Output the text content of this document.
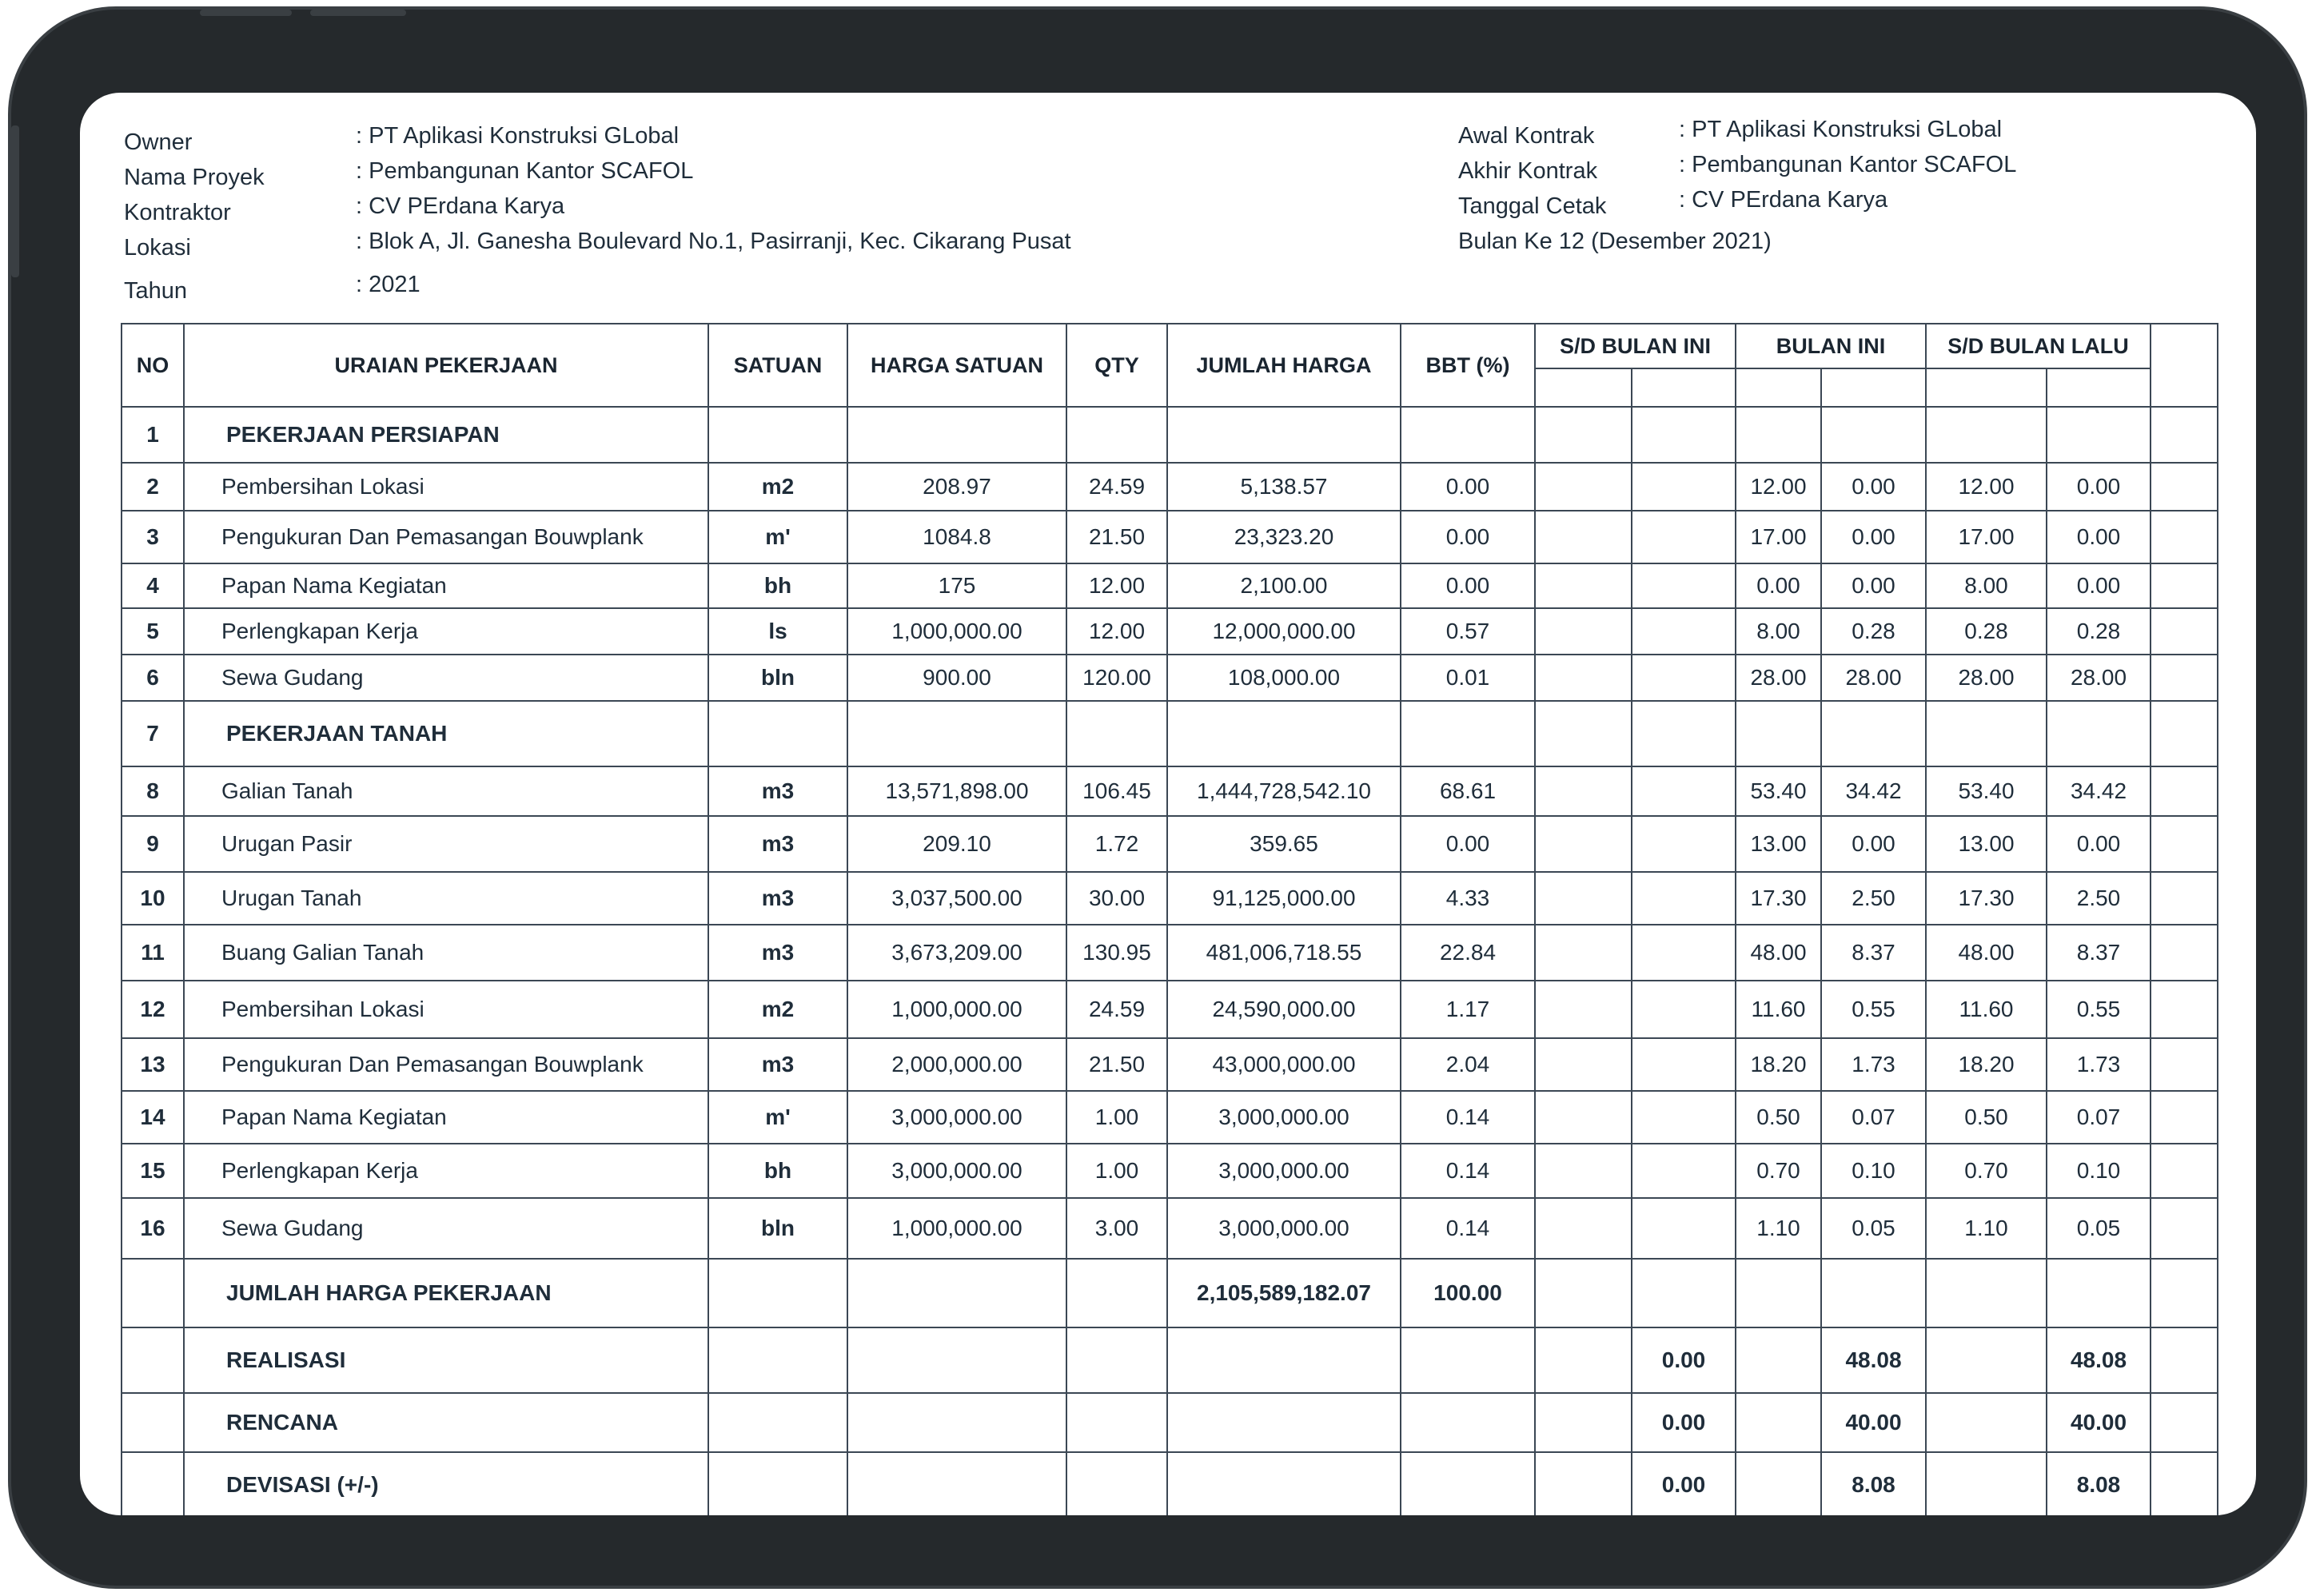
Owner	: PT Aplikasi Konstruksi GLobal
Nama Proyek	: Pembangunan Kantor SCAFOL
Kontraktor	: CV PErdana Karya
Lokasi	: Blok A, Jl. Ganesha Boulevard No.1, Pasirranji, Kec. Cikarang Pusat
Tahun	: 2021
Awal Kontrak	: PT Aplikasi Konstruksi GLobal
Akhir Kontrak	: Pembangunan Kantor SCAFOL
Tanggal Cetak	: CV PErdana Karya
Bulan Ke 12 (Desember 2021)
NO	URAIAN PEKERJAAN	SATUAN	HARGA SATUAN	QTY	JUMLAH HARGA	BBT (%)	S/D BULAN INI		BULAN INI		S/D BULAN LALU		

1	PEKERJAAN PERSIAPAN												
2	Pembersihan Lokasi	m2	208.97	24.59	5,138.57	0.00			12.00	0.00	12.00	0.00	
3	Pengukuran Dan Pemasangan Bouwplank	m'	1084.8	21.50	23,323.20	0.00			17.00	0.00	17.00	0.00	
4	Papan Nama Kegiatan	bh	175	12.00	2,100.00	0.00			0.00	0.00	8.00	0.00	
5	Perlengkapan Kerja	ls	1,000,000.00	12.00	12,000,000.00	0.57			8.00	0.28	0.28	0.28	
6	Sewa Gudang	bln	900.00	120.00	108,000.00	0.01			28.00	28.00	28.00	28.00	
7	PEKERJAAN TANAH												
8	Galian Tanah	m3	13,571,898.00	106.45	1,444,728,542.10	68.61			53.40	34.42	53.40	34.42	
9	Urugan Pasir	m3	209.10	1.72	359.65	0.00			13.00	0.00	13.00	0.00	
10	Urugan Tanah	m3	3,037,500.00	30.00	91,125,000.00	4.33			17.30	2.50	17.30	2.50	
11	Buang Galian Tanah	m3	3,673,209.00	130.95	481,006,718.55	22.84			48.00	8.37	48.00	8.37	
12	Pembersihan Lokasi	m2	1,000,000.00	24.59	24,590,000.00	1.17			11.60	0.55	11.60	0.55	
13	Pengukuran Dan Pemasangan Bouwplank	m3	2,000,000.00	21.50	43,000,000.00	2.04			18.20	1.73	18.20	1.73	
14	Papan Nama Kegiatan	m'	3,000,000.00	1.00	3,000,000.00	0.14			0.50	0.07	0.50	0.07	
15	Perlengkapan Kerja	bh	3,000,000.00	1.00	3,000,000.00	0.14			0.70	0.10	0.70	0.10	
16	Sewa Gudang	bln	1,000,000.00	3.00	3,000,000.00	0.14			1.10	0.05	1.10	0.05	
	JUMLAH HARGA PEKERJAAN				2,105,589,182.07	100.00							
	REALISASI							0.00		48.08		48.08	
	RENCANA							0.00		40.00		40.00	
	DEVISASI (+/-)							0.00		8.08		8.08	
